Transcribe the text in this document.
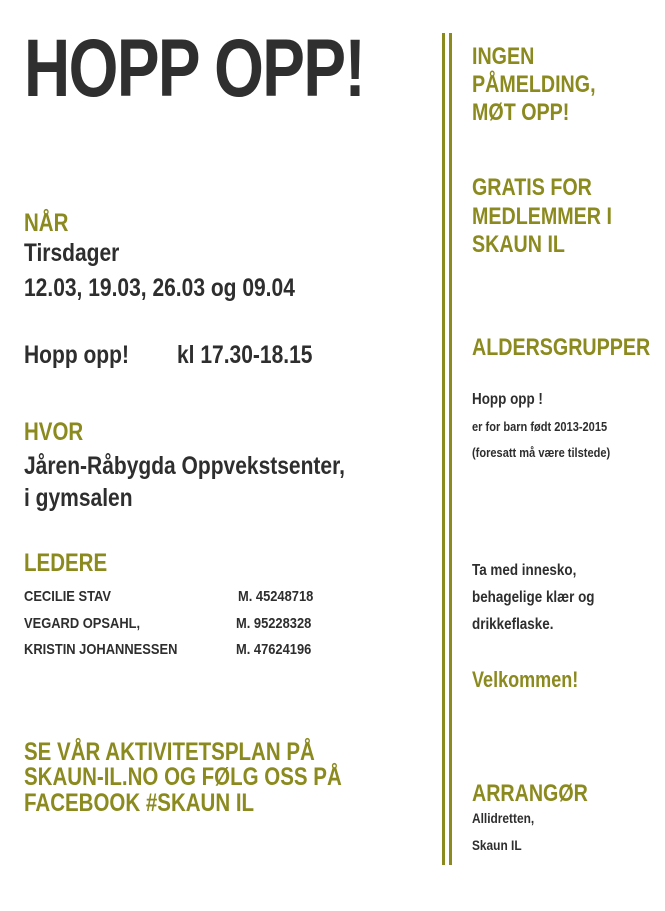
HOPP OPP!
NÅR
Tirsdager
12.03, 19.03, 26.03 og 09.04
Hopp opp! kl 17.30-18.15
HVOR
Jåren-Råbygda Oppvekstsenter,
i gymsalen
LEDERE
CECILIE STAV	M. 45248718
VEGARD OPSAHL,	M. 95228328
KRISTIN JOHANNESSEN	M. 47624196
SE VÅR AKTIVITETSPLAN PÅ
SKAUN-IL.NO OG FØLG OSS PÅ
FACEBOOK #SKAUN IL
INGEN
PÅMELDING,
MØT OPP!
GRATIS FOR
MEDLEMMER I
SKAUN IL
ALDERSGRUPPER
Hopp opp !
er for barn født 2013-2015
(foresatt må være tilstede)
Ta med innesko,
behagelige klær og
drikkeflaske.
Velkommen!
ARRANGØR
Allidretten,
Skaun IL
